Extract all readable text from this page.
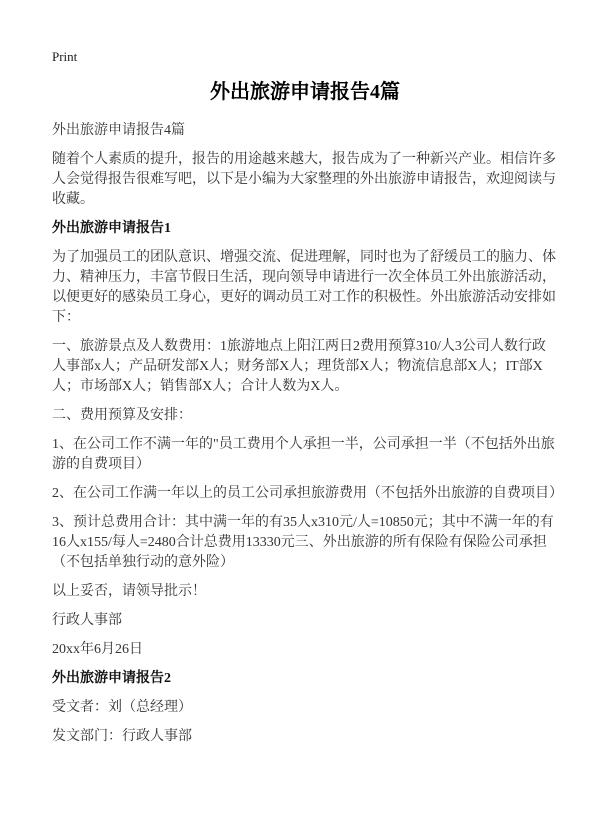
Print
外出旅游申请报告4篇

外出旅游申请报告4篇

随着个人素质的提升，报告的用途越来越大，报告成为了一种新兴产业。相信许多人会觉得报告很难写吧，以下是小编为大家整理的外出旅游申请报告，欢迎阅读与收藏。

外出旅游申请报告1

为了加强员工的团队意识、增强交流、促进理解，同时也为了舒缓员工的脑力、体力、精神压力，丰富节假日生活，现向领导申请进行一次全体员工外出旅游活动，以便更好的感染员工身心，更好的调动员工对工作的积极性。外出旅游活动安排如下：

一、旅游景点及人数费用：1旅游地点上阳江两日2费用预算310/人3公司人数行政人事部x人；产品研发部X人；财务部X人；理货部X人；物流信息部X人；IT部X人；市场部X人；销售部X人；合计人数为X人。

二、费用预算及安排：

1、在公司工作不满一年的"员工费用个人承担一半，公司承担一半（不包括外出旅游的自费项目）

2、在公司工作满一年以上的员工公司承担旅游费用（不包括外出旅游的自费项目）

3、预计总费用合计：其中满一年的有35人x310元/人=10850元；其中不满一年的有16人x155/每人=2480合计总费用13330元三、外出旅游的所有保险有保险公司承担（不包括单独行动的意外险）

以上妥否，请领导批示！

行政人事部

20xx年6月26日

外出旅游申请报告2

受文者：刘（总经理）

发文部门：行政人事部
